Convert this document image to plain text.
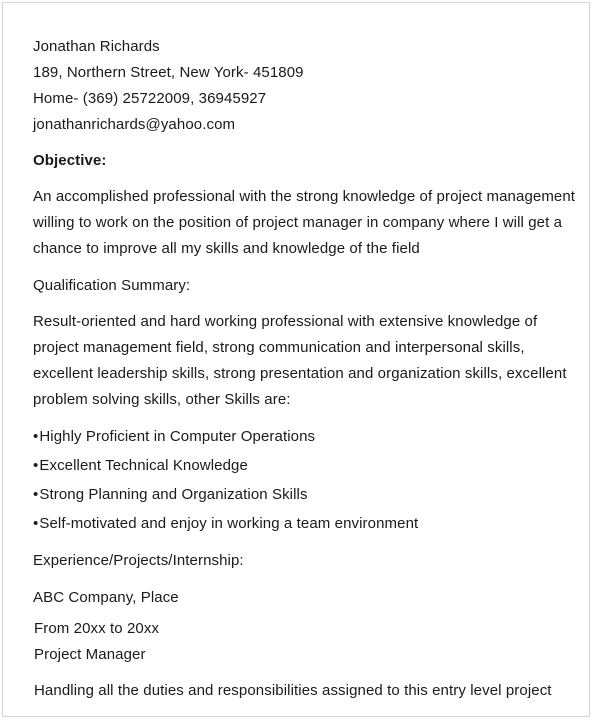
Jonathan Richards
189, Northern Street, New York- 451809
Home- (369) 25722009, 36945927
jonathanrichards@yahoo.com
Objective:
An accomplished professional with the strong knowledge of project management
willing to work on the position of project manager in company where I will get a
chance to improve all my skills and knowledge of the field
Qualification Summary:
Result-oriented and hard working professional with extensive knowledge of
project management field, strong communication and interpersonal skills,
excellent leadership skills, strong presentation and organization skills, excellent
problem solving skills, other Skills are:
•Highly Proficient in Computer Operations
•Excellent Technical Knowledge
•Strong Planning and Organization Skills
•Self-motivated and enjoy in working a team environment
Experience/Projects/Internship:
ABC Company, Place
From 20xx to 20xx
Project Manager
Handling all the duties and responsibilities assigned to this entry level project
